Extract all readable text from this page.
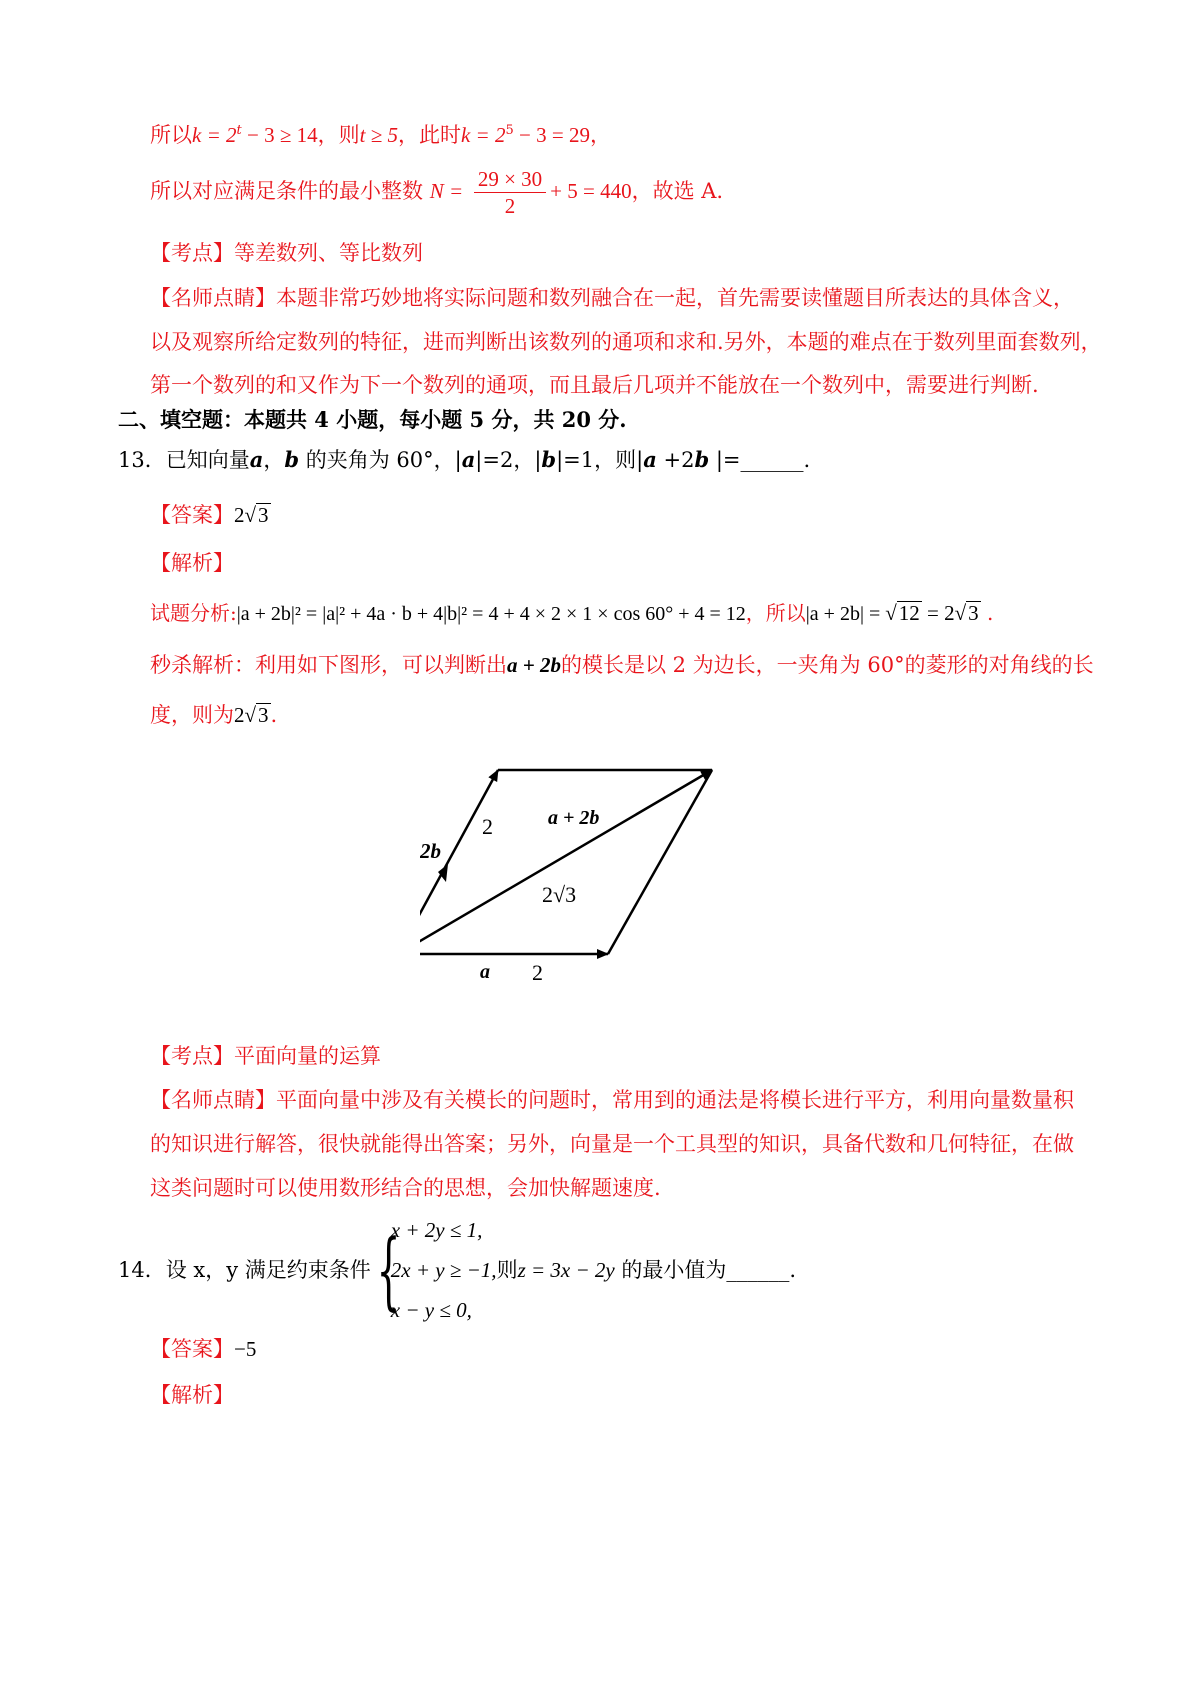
所以$k = 2^t - 3 \ge 14$，则t ≥ 5，此时$k = 2^5 - 3 = 29$，
所以对应满足条件的最小整数 $N = \frac{29 \times 30}{2} + 5 = 440$，故选 A.
【考点】等差数列、等比数列
【名师点睛】本题非常巧妙地将实际问题和数列融合在一起，首先需要读懂题目所表达的具体含义，
以及观察所给定数列的特征，进而判断出该数列的通项和求和.另外，本题的难点在于数列里面套数列，
第一个数列的和又作为下一个数列的通项，而且最后几项并不能放在一个数列中，需要进行判断.
二、填空题：本题共 4 小题，每小题 5 分，共 20 分.
13．已知向量a，b 的夹角为 60°，|a|=2，|b|=1，则|a +2b |=______.
【答案】2√3
【解析】
试题分析:|a + 2b|² = |a|² + 4a · b + 4|b|² = 4 + 4 × 2 × 1 × cos 60° + 4 = 12，所以|a + 2b| = √12 = 2√3 .
秒杀解析：利用如下图形，可以判断出a + 2b的模长是以 2 为边长，一夹角为 60°的菱形的对角线的长
度，则为2√3.
2b
2	a + 2b
2√3
a 2
【考点】平面向量的运算
【名师点睛】平面向量中涉及有关模长的问题时，常用到的通法是将模长进行平方，利用向量数量积
的知识进行解答，很快就能得出答案；另外，向量是一个工具型的知识，具备代数和几何特征，在做
这类问题时可以使用数形结合的思想，会加快解题速度.
14．设 x，y 满足约束条件{
x + 2y ≤ 1,
2x + y ≥ −1,
x − y ≤ 0,
则z = 3x − 2y 的最小值为______.
【答案】−5
【解析】
